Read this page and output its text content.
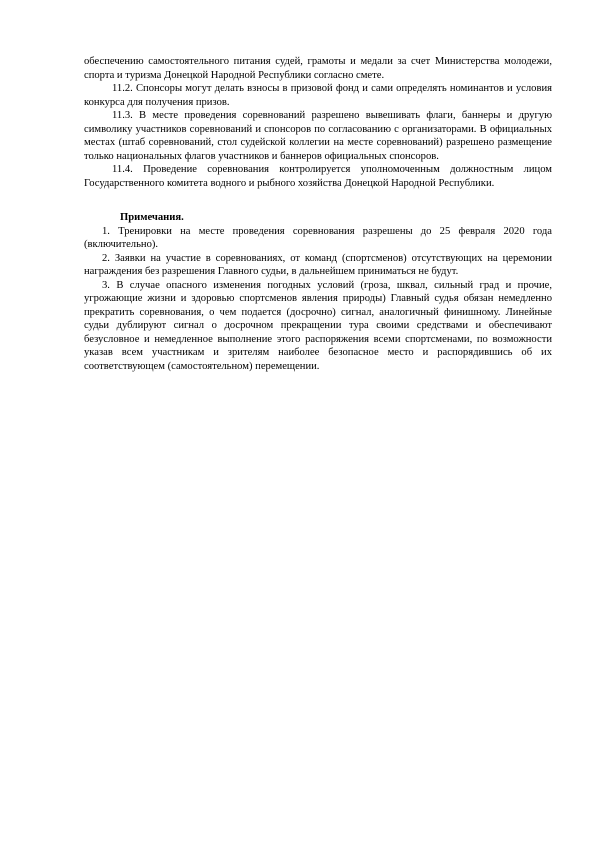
обеспечению самостоятельного питания судей, грамоты и медали за счет Министерства молодежи, спорта и туризма Донецкой Народной Республики согласно смете.

11.2. Спонсоры могут делать взносы в призовой фонд и сами определять номинантов и условия конкурса для получения призов.

11.3. В месте проведения соревнований разрешено вывешивать флаги, баннеры и другую символику участников соревнований и спонсоров по согласованию с организаторами. В официальных местах (штаб соревнований, стол судейской коллегии на месте соревнований) разрешено размещение только национальных флагов участников и баннеров официальных спонсоров.

11.4. Проведение соревнования контролируется уполномоченным должностным лицом Государственного комитета водного и рыбного хозяйства Донецкой Народной Республики.

Примечания.

1. Тренировки на месте проведения соревнования разрешены до 25 февраля 2020 года (включительно).

2. Заявки на участие в соревнованиях, от команд (спортсменов) отсутствующих на церемонии награждения без разрешения Главного судьи, в дальнейшем приниматься не будут.

3. В случае опасного изменения погодных условий (гроза, шквал, сильный град и прочие, угрожающие жизни и здоровью спортсменов явления природы) Главный судья обязан немедленно прекратить соревнования, о чем подается (досрочно) сигнал, аналогичный финишному. Линейные судьи дублируют сигнал о досрочном прекращении тура своими средствами и обеспечивают безусловное и немедленное выполнение этого распоряжения всеми спортсменами, по возможности указав всем участникам и зрителям наиболее безопасное место и распорядившись об их соответствующем (самостоятельном) перемещении.
